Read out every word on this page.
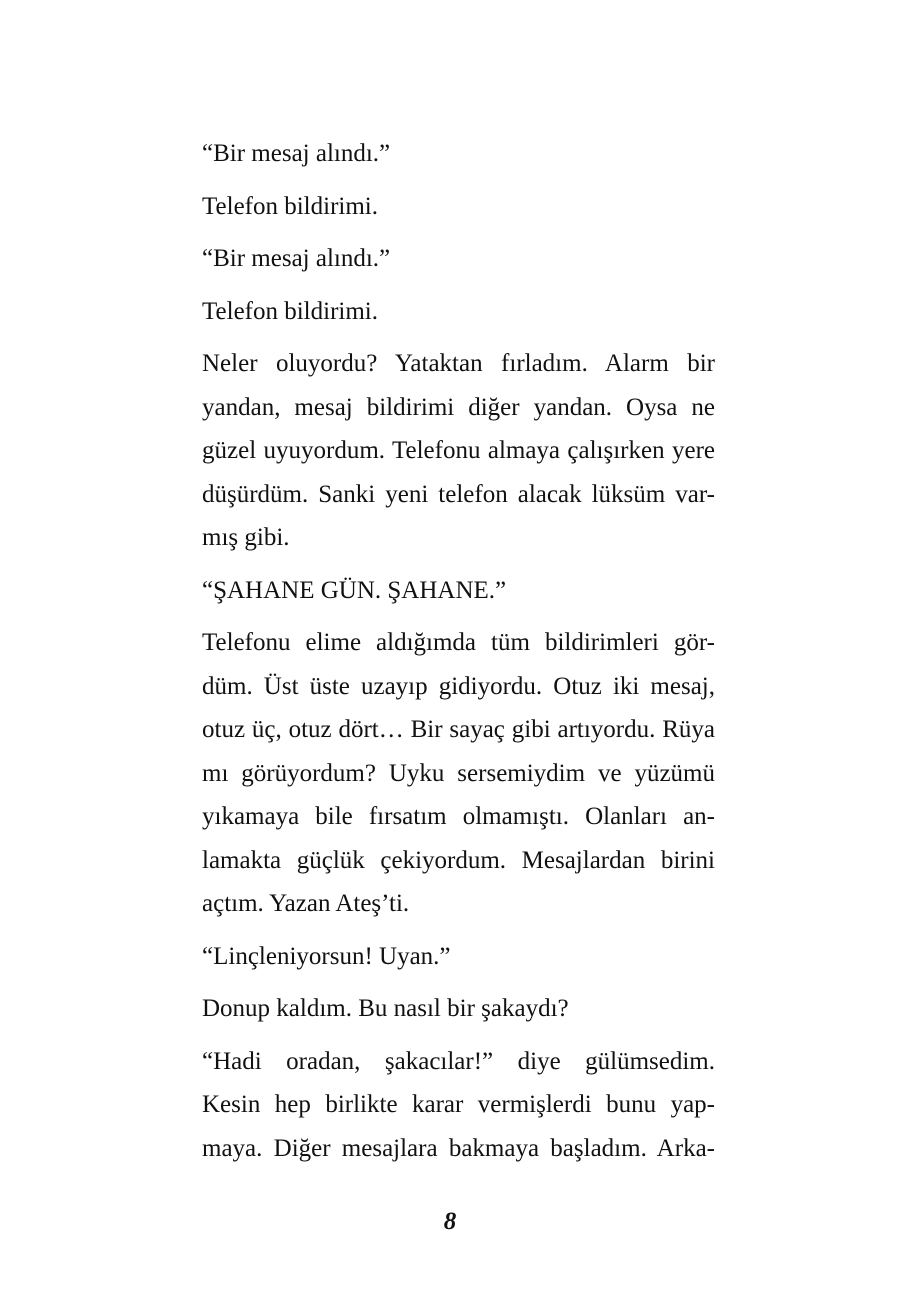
“Bir mesaj alındı.”

Telefon bildirimi.

“Bir mesaj alındı.”

Telefon bildirimi.

Neler oluyordu? Yataktan fırladım. Alarm bir
yandan, mesaj bildirimi diğer yandan. Oysa ne
güzel uyuyordum. Telefonu almaya çalışırken yere
düşürdüm. Sanki yeni telefon alacak lüksüm var-
mış gibi.

“ŞAHANE GÜN. ŞAHANE.”

Telefonu elime aldığımda tüm bildirimleri gör-
düm. Üst üste uzayıp gidiyordu. Otuz iki mesaj,
otuz üç, otuz dört… Bir sayaç gibi artıyordu. Rüya
mı görüyordum? Uyku sersemiydim ve yüzümü
yıkamaya bile fırsatım olmamıştı. Olanları an-
lamakta güçlük çekiyordum. Mesajlardan birini
açtım. Yazan Ateş’ti.

“Linçleniyorsun! Uyan.”

Donup kaldım. Bu nasıl bir şakaydı?

“Hadi oradan, şakacılar!” diye gülümsedim.
Kesin hep birlikte karar vermişlerdi bunu yap-
maya. Diğer mesajlara bakmaya başladım. Arka-

8
